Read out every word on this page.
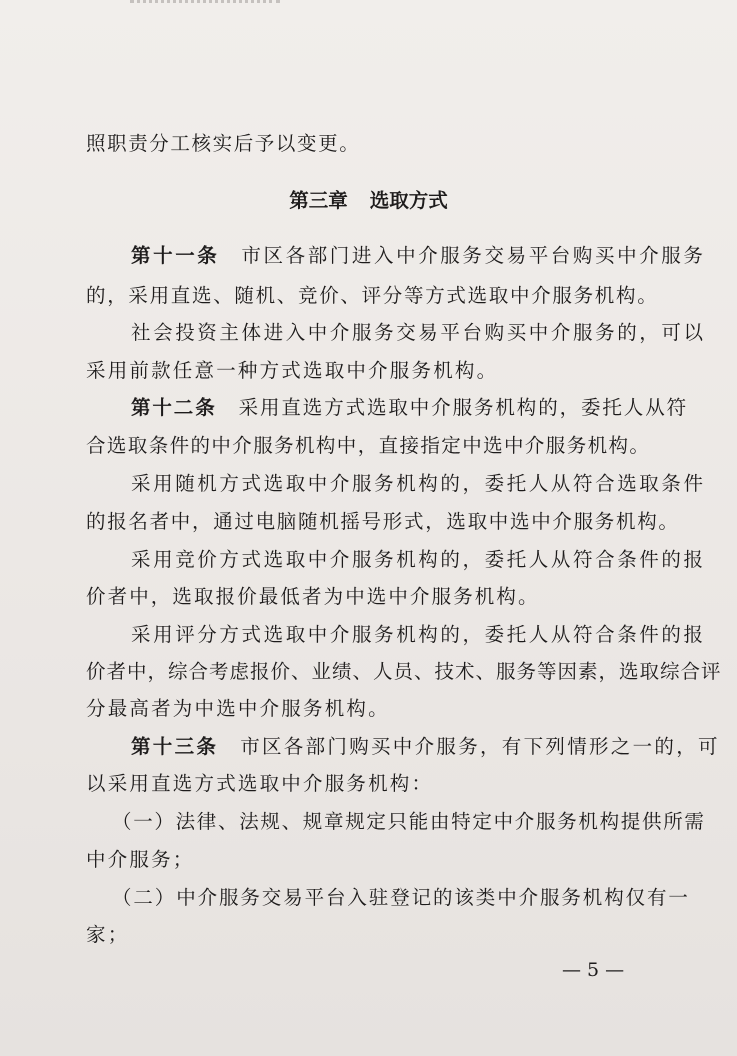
照职责分工核实后予以变更。
第三章 选取方式
第十一条 市区各部门进入中介服务交易平台购买中介服务
的，采用直选、随机、竞价、评分等方式选取中介服务机构。
社会投资主体进入中介服务交易平台购买中介服务的，可以
采用前款任意一种方式选取中介服务机构。
第十二条 采用直选方式选取中介服务机构的，委托人从符
合选取条件的中介服务机构中，直接指定中选中介服务机构。
采用随机方式选取中介服务机构的，委托人从符合选取条件
的报名者中，通过电脑随机摇号形式，选取中选中介服务机构。
采用竞价方式选取中介服务机构的，委托人从符合条件的报
价者中，选取报价最低者为中选中介服务机构。
采用评分方式选取中介服务机构的，委托人从符合条件的报
价者中，综合考虑报价、业绩、人员、技术、服务等因素，选取综合评
分最高者为中选中介服务机构。
第十三条 市区各部门购买中介服务，有下列情形之一的，可
以采用直选方式选取中介服务机构：
（一）法律、法规、规章规定只能由特定中介服务机构提供所需
中介服务；
（二）中介服务交易平台入驻登记的该类中介服务机构仅有一
家；
— 5 —
